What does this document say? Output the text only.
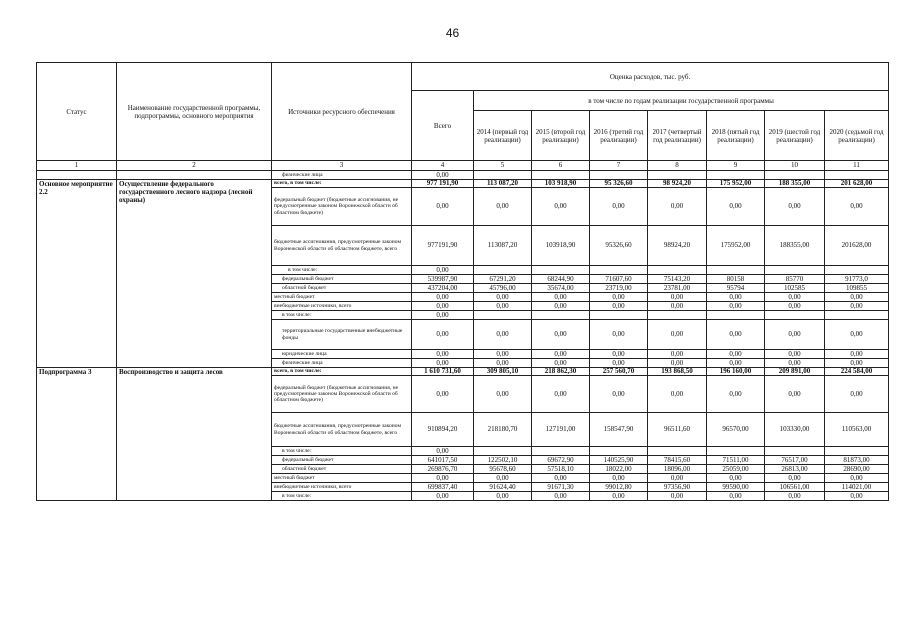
46
Статус	Наименование государственной программы, подпрограммы, основного мероприятия	Источники ресурсного обеспечения	Оценка расходов, тыс. руб.							
			Всего	в том числе по годам реализации государственной программы						
				2014 (первый год реализации)	2015 (второй год реализации)	2016 (третий год реализации)	2017 (четвертый год реализации)	2018 (пятый год реализации)	2019 (шестой год реализации)	2020 (седьмой год реализации)
1	2	3	4	5	6	7	8	9	10	11
		физические лица	0,00							
Основное мероприятие 2.2	Осуществление федерального государственного лесного надзора (лесной охраны)	всего, в том числе:	977 191,90	113 087,20	103 918,90	95 326,60	98 924,20	175 952,00	188 355,00	201 628,00
		федеральный бюджет (бюджетные ассигнования, не предусмотренные законом Воронежской области об областном бюджете)	0,00	0,00	0,00	0,00	0,00	0,00	0,00	0,00
		бюджетные ассигнования, предусмотренные законом Воронежской области об областном бюджете, всего	977191,90	113087,20	103918,90	95326,60	98924,20	175952,00	188355,00	201628,00
		в том числе:	0,00							
		федеральный бюджет	539987,90	67291,20	68244,90	71607,60	75143,20	80158	85770	91773,0
		областной бюджет	437204,00	45796,00	35674,00	23719,00	23781,00	95794	102585	109855
		местный бюджет	0,00	0,00	0,00	0,00	0,00	0,00	0,00	0,00
		внебюджетные источники, всего	0,00	0,00	0,00	0,00	0,00	0,00	0,00	0,00
		в том числе:	0,00							
		территориальные государственные внебюджетные фонды	0,00	0,00	0,00	0,00	0,00	0,00	0,00	0,00
		юридические лица	0,00	0,00	0,00	0,00	0,00	0,00	0,00	0,00
		физические лица	0,00	0,00	0,00	0,00	0,00	0,00	0,00	0,00
Подпрограмма 3	Воспроизводство и защита лесов	всего, в том числе:	1 610 731,60	309 805,10	218 862,30	257 560,70	193 868,50	196 160,00	209 891,00	224 584,00
		федеральный бюджет (бюджетные ассигнования, не предусмотренные законом Воронежской области об областном бюджете)	0,00	0,00	0,00	0,00	0,00	0,00	0,00	0,00
		бюджетные ассигнования, предусмотренные законом Воронежской области об областном бюджете, всего	910894,20	218180,70	127191,00	158547,90	96511,60	96570,00	103330,00	110563,00
		в том числе:	0,00							
		федеральный бюджет	641017,50	122502,10	69672,90	140525,90	78415,60	71511,00	76517,00	81873,00
		областной бюджет	269876,70	95678,60	57518,10	18022,00	18096,00	25059,00	26813,00	28690,00
		местный бюджет	0,00	0,00	0,00	0,00	0,00	0,00	0,00	0,00
		внебюджетные источники, всего	699837,40	91624,40	91671,30	99012,80	97356,90	99590,00	106561,00	114021,00
		в том числе:	0,00	0,00	0,00	0,00	0,00	0,00	0,00	0,00
